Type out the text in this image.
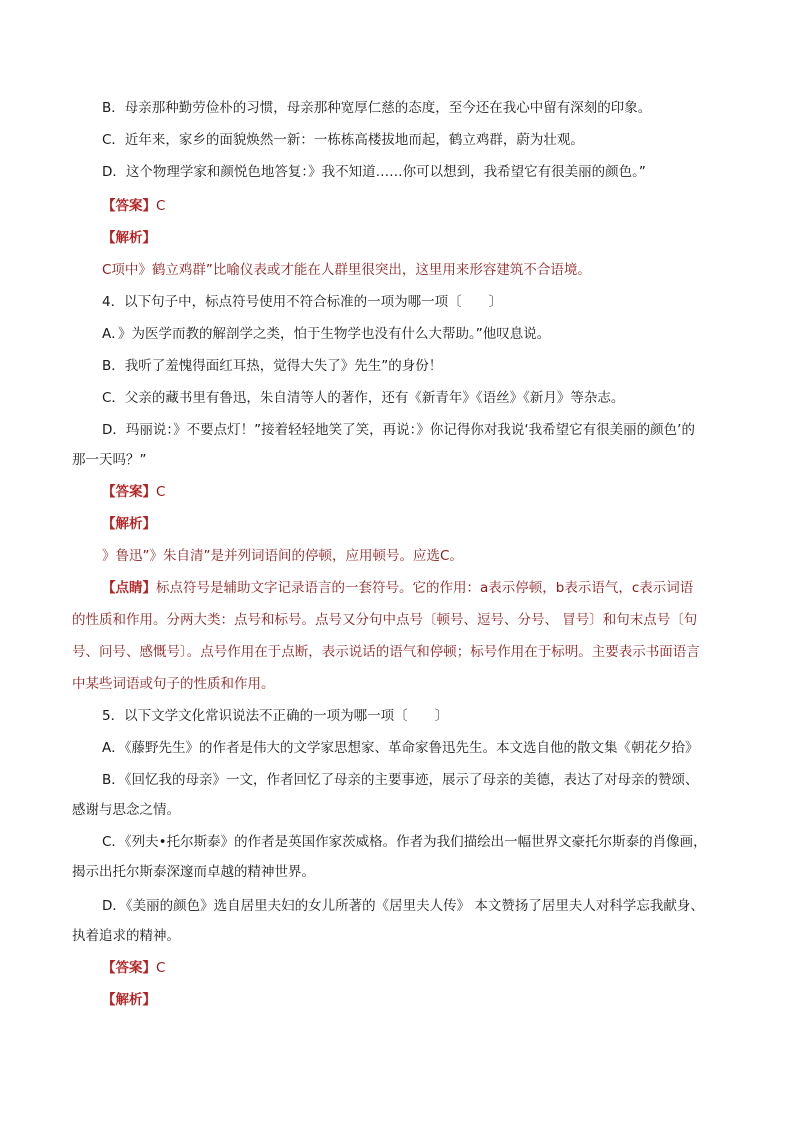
B．母亲那种勤劳俭朴的习惯，母亲那种宽厚仁慈的态度，至今还在我心中留有深刻的印象。
C．近年来，家乡的面貌焕然一新：一栋栋高楼拔地而起，鹤立鸡群，蔚为壮观。
D．这个物理学家和颜悦色地答复：》我不知道……你可以想到，我希望它有很美丽的颜色。”
【答案】C
【解析】
C项中》鹤立鸡群”比喻仪表或才能在人群里很突出，这里用来形容建筑不合语境。
4．以下句子中，标点符号使用不符合标准的一项为哪一项〔　　〕
A．》为医学而教的解剖学之类，怕于生物学也没有什么大帮助。”他叹息说。
B．我听了羞愧得面红耳热，觉得大失了》先生”的身份！
C．父亲的藏书里有鲁迅，朱自清等人的著作，还有《新青年》《语丝》《新月》等杂志。
D．玛丽说：》不要点灯！”接着轻轻地笑了笑，再说：》你记得你对我说‘我希望它有很美丽的颜色’的
那一天吗？”
【答案】C
【解析】
》鲁迅”》朱自清”是并列词语间的停顿，应用顿号。应选C。
【点睛】标点符号是辅助文字记录语言的一套符号。它的作用：a表示停顿，b表示语气，c表示词语
的性质和作用。分两大类：点号和标号。点号又分句中点号〔顿号、逗号、分号、 冒号〕和句末点号〔句
号、问号、感慨号〕。点号作用在于点断，表示说话的语气和停顿；标号作用在于标明。主要表示书面语言
中某些词语或句子的性质和作用。
5．以下文学文化常识说法不正确的一项为哪一项〔　　〕
A．《藤野先生》的作者是伟大的文学家思想家、革命家鲁迅先生。本文选自他的散文集《朝花夕拾》
B．《回忆我的母亲》一文，作者回忆了母亲的主要事迹，展示了母亲的美德，表达了对母亲的赞颂、
感谢与思念之情。
C．《列夫•托尔斯泰》的作者是英国作家茨威格。作者为我们描绘出一幅世界文豪托尔斯泰的肖像画，
揭示出托尔斯泰深邃而卓越的精神世界。
D．《美丽的颜色》选自居里夫妇的女儿所著的《居里夫人传》 本文赞扬了居里夫人对科学忘我献身、
执着追求的精神。
【答案】C
【解析】
